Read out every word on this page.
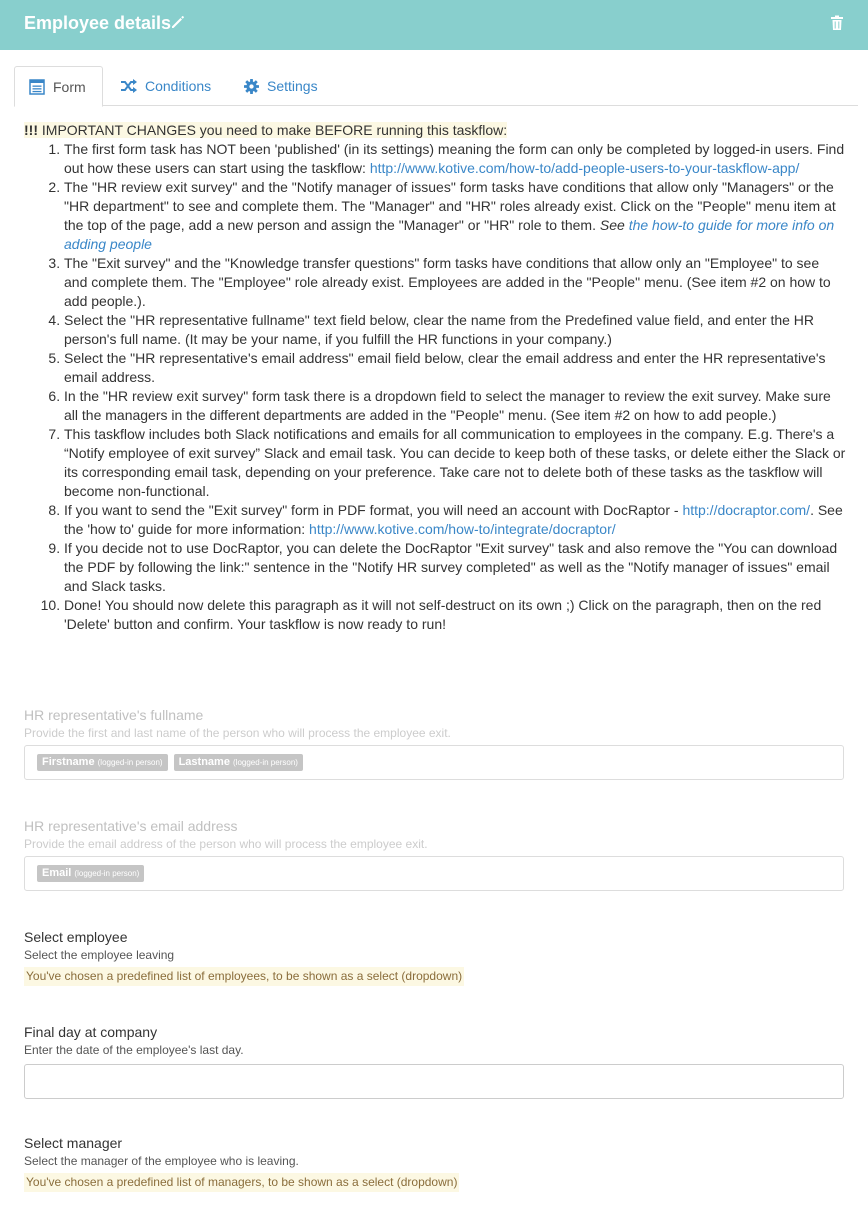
Employee details
Form	Conditions	Settings
!!! IMPORTANT CHANGES you need to make BEFORE running this taskflow:
1. The first form task has NOT been 'published' (in its settings) meaning the form can only be completed by logged-in users. Find out how these users can start using the taskflow: http://www.kotive.com/how-to/add-people-users-to-your-taskflow-app/
2. The "HR review exit survey" and the "Notify manager of issues" form tasks have conditions that allow only "Managers" or the "HR department" to see and complete them. The "Manager" and "HR" roles already exist. Click on the "People" menu item at the top of the page, add a new person and assign the "Manager" or "HR" role to them. See the how-to guide for more info on adding people
3. The "Exit survey" and the "Knowledge transfer questions" form tasks have conditions that allow only an "Employee" to see and complete them. The "Employee" role already exist. Employees are added in the "People" menu. (See item #2 on how to add people.).
4. Select the "HR representative fullname" text field below, clear the name from the Predefined value field, and enter the HR person's full name. (It may be your name, if you fulfill the HR functions in your company.)
5. Select the "HR representative's email address" email field below, clear the email address and enter the HR representative's email address.
6. In the "HR review exit survey" form task there is a dropdown field to select the manager to review the exit survey. Make sure all the managers in the different departments are added in the "People" menu. (See item #2 on how to add people.)
7. This taskflow includes both Slack notifications and emails for all communication to employees in the company. E.g. There's a “Notify employee of exit survey” Slack and email task. You can decide to keep both of these tasks, or delete either the Slack or its corresponding email task, depending on your preference. Take care not to delete both of these tasks as the taskflow will become non-functional.
8. If you want to send the "Exit survey" form in PDF format, you will need an account with DocRaptor - http://docraptor.com/. See the 'how to' guide for more information: http://www.kotive.com/how-to/integrate/docraptor/
9. If you decide not to use DocRaptor, you can delete the DocRaptor "Exit survey" task and also remove the "You can download the PDF by following the link:" sentence in the "Notify HR survey completed" as well as the "Notify manager of issues" email and Slack tasks.
10. Done! You should now delete this paragraph as it will not self-destruct on its own ;) Click on the paragraph, then on the red 'Delete' button and confirm. Your taskflow is now ready to run!
HR representative's fullname
Provide the first and last name of the person who will process the employee exit.
Firstname (logged-in person)	Lastname (logged-in person)
HR representative's email address
Provide the email address of the person who will process the employee exit.
Email (logged-in person)
Select employee
Select the employee leaving
You've chosen a predefined list of employees, to be shown as a select (dropdown)
Final day at company
Enter the date of the employee's last day.
Select manager
Select the manager of the employee who is leaving.
You've chosen a predefined list of managers, to be shown as a select (dropdown)
